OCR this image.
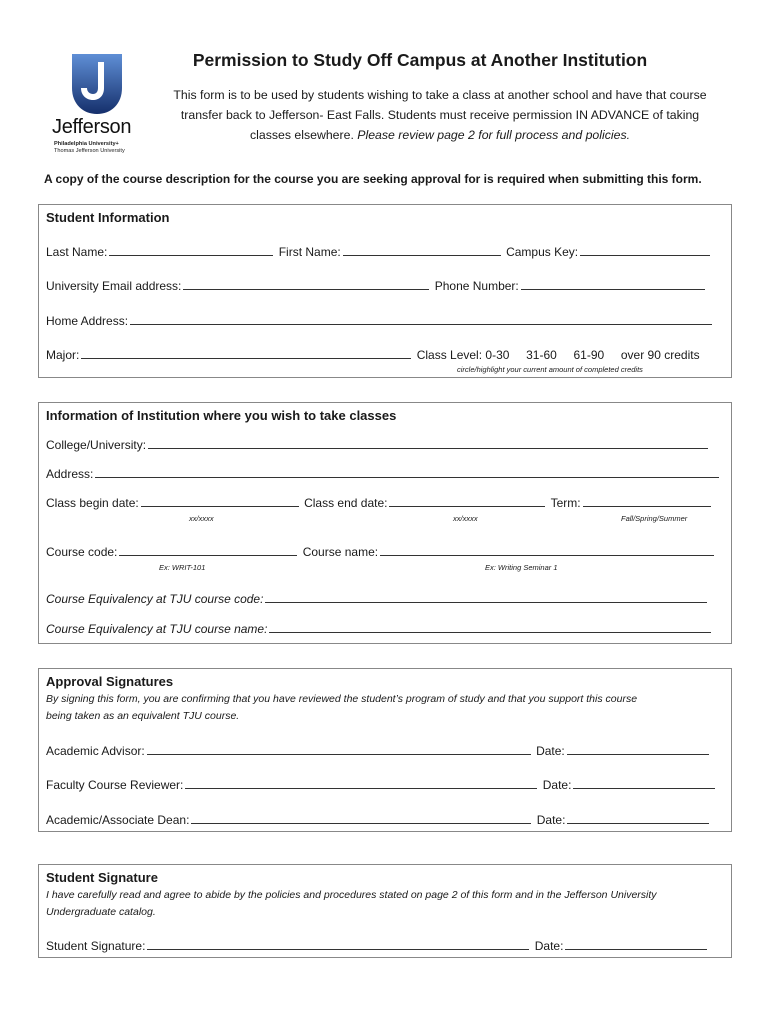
Jefferson
Philadelphia University+
Thomas Jefferson University
Permission to Study Off Campus at Another Institution
This form is to be used by students wishing to take a class at another school and have that course
transfer back to Jefferson- East Falls. Students must receive permission IN ADVANCE of taking
classes elsewhere. Please review page 2 for full process and policies.
A copy of the course description for the course you are seeking approval for is required when submitting this form.
Student Information
Last Name:	First Name:	Campus Key:
University Email address:	Phone Number:
Home Address:
Major:	Class Level: 0-30 31-60 61-90 over 90 credits
circle/highlight your current amount of completed credits
Information of Institution where you wish to take classes
College/University:
Address:
Class begin date:	Class end date:	Term:
xx/xxxx	xx/xxxx	Fall/Spring/Summer
Course code:	Course name:
Ex: WRIT-101	Ex: Writing Seminar 1
Course Equivalency at TJU course code:
Course Equivalency at TJU course name:
Approval Signatures
By signing this form, you are confirming that you have reviewed the student’s program of study and that you support this course
being taken as an equivalent TJU course.
Academic Advisor:	Date:
Faculty Course Reviewer:	Date:
Academic/Associate Dean:	Date:
Student Signature
I have carefully read and agree to abide by the policies and procedures stated on page 2 of this form and in the Jefferson University
Undergraduate catalog.
Student Signature:	Date:
